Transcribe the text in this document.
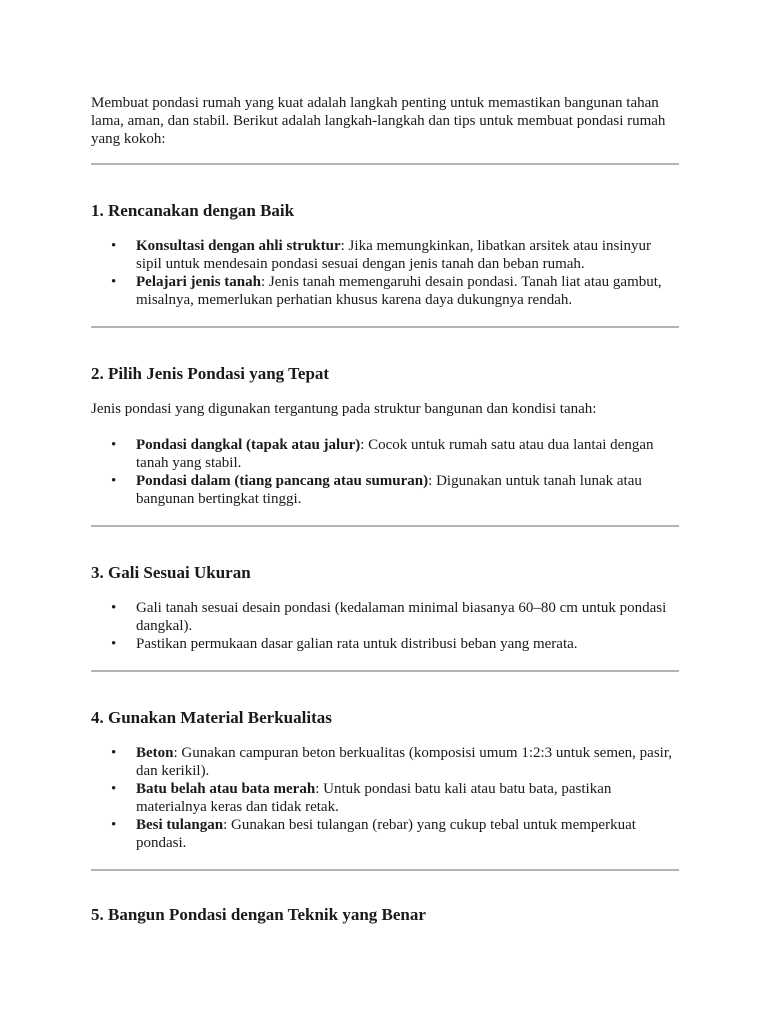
Membuat pondasi rumah yang kuat adalah langkah penting untuk memastikan bangunan tahan lama, aman, dan stabil. Berikut adalah langkah-langkah dan tips untuk membuat pondasi rumah yang kokoh:

1. Rencanakan dengan Baik
• Konsultasi dengan ahli struktur: Jika memungkinkan, libatkan arsitek atau insinyur sipil untuk mendesain pondasi sesuai dengan jenis tanah dan beban rumah.
• Pelajari jenis tanah: Jenis tanah memengaruhi desain pondasi. Tanah liat atau gambut, misalnya, memerlukan perhatian khusus karena daya dukungnya rendah.
2. Pilih Jenis Pondasi yang Tepat

Jenis pondasi yang digunakan tergantung pada struktur bangunan dan kondisi tanah:

• Pondasi dangkal (tapak atau jalur): Cocok untuk rumah satu atau dua lantai dengan tanah yang stabil.
• Pondasi dalam (tiang pancang atau sumuran): Digunakan untuk tanah lunak atau bangunan bertingkat tinggi.
3. Gali Sesuai Ukuran
• Gali tanah sesuai desain pondasi (kedalaman minimal biasanya 60–80 cm untuk pondasi dangkal).
• Pastikan permukaan dasar galian rata untuk distribusi beban yang merata.
4. Gunakan Material Berkualitas
• Beton: Gunakan campuran beton berkualitas (komposisi umum 1:2:3 untuk semen, pasir, dan kerikil).
• Batu belah atau bata merah: Untuk pondasi batu kali atau batu bata, pastikan materialnya keras dan tidak retak.
• Besi tulangan: Gunakan besi tulangan (rebar) yang cukup tebal untuk memperkuat pondasi.
5. Bangun Pondasi dengan Teknik yang Benar
